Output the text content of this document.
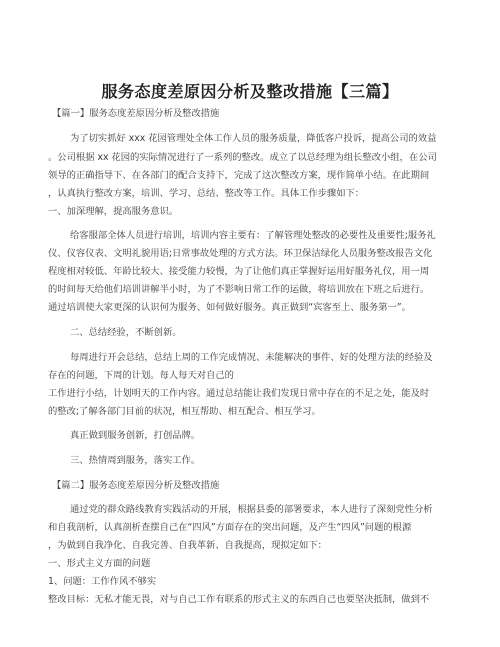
服务态度差原因分析及整改措施【三篇】
【篇一】服务态度差原因分析及整改措施
为了切实抓好 xxx 花园管理处全体工作人员的服务质量，降低客户投诉，提高公司的效益
。公司根据 xx 花园的实际情况进行了一系列的整改。成立了以总经理为组长整改小组，在公司
领导的正确指导下、在各部门的配合支持下，完成了这次整改方案，现作简单小结。在此期间
，认真执行整改方案，培训、学习、总结、整改等工作。具体工作步骤如下：
一、加深理解，提高服务意识。
给客服部全体人员进行培训，培训内容主要有：了解管理处整改的必要性及重要性;服务礼
仪、仪容仪表、文明礼貌用语;日常事故处理的方式方法。环卫保洁绿化人员服务整改报告文化
程度相对较低、年龄比较大、接受能力较慢，为了让他们真正掌握好运用好服务礼仪，用一周
的时间每天给他们培训讲解半小时，为了不影响日常工作的运做，将培训放在下班之后进行。
通过培训使大家更深的认识何为服务、如何做好服务。真正做到“宾客至上、服务第一”。
二、总结经验，不断创新。
每周进行开会总结，总结上周的工作完成情况、未能解决的事件、好的处理方法的经验及
存在的问题，下周的计划。每人每天对自己的
工作进行小结，计划明天的工作内容。通过总结能让我们发现日常中存在的不足之处，能及时
的整改;了解各部门目前的状况，相互帮助、相互配合、相互学习。
真正做到服务创新，打创品牌。
三、热情周到服务，落实工作。
【篇二】服务态度差原因分析及整改措施
通过党的群众路线教育实践活动的开展，根据县委的部署要求，本人进行了深刻党性分析
和自我剖析，认真剖析查摆自己在“四风”方面存在的突出问题，及产生“四风”问题的根源
，为做到自我净化、自我完善、自我革新、自我提高，现拟定如下：
一、形式主义方面的问题
1、问题：工作作风不够实
整改目标：无私才能无畏，对与自己工作有联系的形式主义的东西自己也要坚决抵制，做到不
